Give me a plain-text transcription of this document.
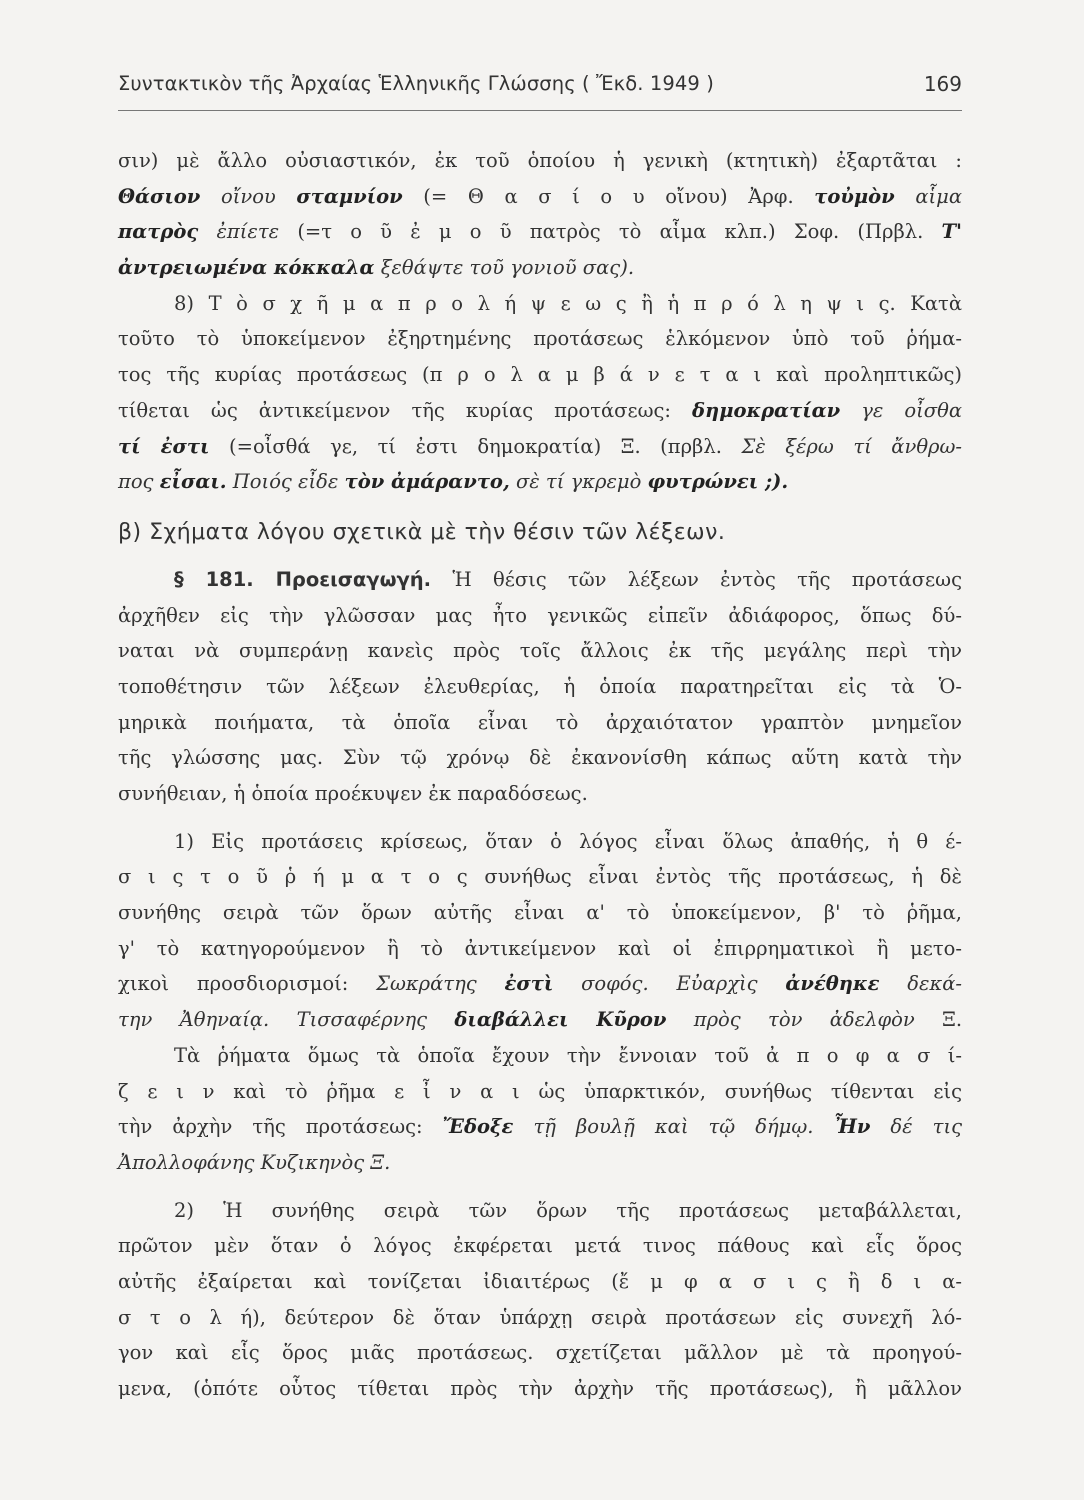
Συντακτικὸν τῆς Ἀρχαίας Ἑλληνικῆς Γλώσσης ( Ἔκδ. 1949 )	169
σιν) μὲ ἄλλο οὐσιαστικόν, ἐκ τοῦ ὁποίου ἡ γενικὴ (κτητικὴ) ἐξαρτᾶται :
Θάσιον οἴνου σταμνίον (= Θ α σ ί ο υ οἴνου) Ἀρφ. τοὐμὸν αἷμα
πατρὸς ἐπίετε (=τ ο ῦ ἐ μ ο ῦ πατρὸς τὸ αἷμα κλπ.) Σοφ. (Πρβλ. Τ'
ἀντρειωμένα κόκκαλα ξεθάψτε τοῦ γονιοῦ σας).
8) Τ ὸ σ χ ῆ μ α π ρ ο λ ή ψ ε ω ς ἢ ἡ π ρ ό λ η ψ ι ς. Κατὰ
τοῦτο τὸ ὑποκείμενον ἐξηρτημένης προτάσεως ἑλκόμενον ὑπὸ τοῦ ῥήμα-
τος τῆς κυρίας προτάσεως (π ρ ο λ α μ β ά ν ε τ α ι καὶ προληπτικῶς)
τίθεται ὡς ἀντικείμενον τῆς κυρίας προτάσεως: δημοκρατίαν γε οἶσθα
τί ἐστι (=οἶσθά γε, τί ἐστι δημοκρατία) Ξ. (πρβλ. Σὲ ξέρω τί ἄνθρω-
πος εἶσαι. Ποιός εἶδε τὸν ἀμάραντο, σὲ τί γκρεμὸ φυτρώνει ;).
β) Σχήματα λόγου σχετικὰ μὲ τὴν θέσιν τῶν λέξεων.
§ 181. Προεισαγωγή. Ἡ θέσις τῶν λέξεων ἐντὸς τῆς προτάσεως
ἀρχῆθεν εἰς τὴν γλῶσσαν μας ἦτο γενικῶς εἰπεῖν ἀδιάφορος, ὅπως δύ-
ναται νὰ συμπεράνῃ κανεὶς πρὸς τοῖς ἄλλοις ἐκ τῆς μεγάλης περὶ τὴν
τοποθέτησιν τῶν λέξεων ἐλευθερίας, ἡ ὁποία παρατηρεῖται εἰς τὰ Ὁ-
μηρικὰ ποιήματα, τὰ ὁποῖα εἶναι τὸ ἀρχαιότατον γραπτὸν μνημεῖον
τῆς γλώσσης μας. Σὺν τῷ χρόνῳ δὲ ἐκανονίσθη κάπως αὕτη κατὰ τὴν
συνήθειαν, ἡ ὁποία προέκυψεν ἐκ παραδόσεως.
1) Εἰς προτάσεις κρίσεως, ὅταν ὁ λόγος εἶναι ὅλως ἀπαθής, ἡ θ έ-
σ ι ς τ ο ῦ ῥ ή μ α τ ο ς συνήθως εἶναι ἐντὸς τῆς προτάσεως, ἡ δὲ
συνήθης σειρὰ τῶν ὅρων αὐτῆς εἶναι α' τὸ ὑποκείμενον, β' τὸ ῥῆμα,
γ' τὸ κατηγορούμενον ἢ τὸ ἀντικείμενον καὶ οἱ ἐπιρρηματικοὶ ἢ μετο-
χικοὶ προσδιορισμοί: Σωκράτης ἐστὶ σοφός. Εὐαρχὶς ἀνέθηκε δεκά-
την Ἀθηναίᾳ. Τισσαφέρνης διαβάλλει Κῦρον πρὸς τὸν ἀδελφὸν Ξ.
Τὰ ῥήματα ὅμως τὰ ὁποῖα ἔχουν τὴν ἔννοιαν τοῦ ἀ π ο φ α σ ί-
ζ ε ι ν καὶ τὸ ῥῆμα ε ἶ ν α ι ὡς ὑπαρκτικόν, συνήθως τίθενται εἰς
τὴν ἀρχὴν τῆς προτάσεως: Ἔδοξε τῇ βουλῇ καὶ τῷ δήμῳ. Ἦν δέ τις
Ἀπολλοφάνης Κυζικηνὸς Ξ.
2) Ἡ συνήθης σειρὰ τῶν ὅρων τῆς προτάσεως μεταβάλλεται,
πρῶτον μὲν ὅταν ὁ λόγος ἐκφέρεται μετά τινος πάθους καὶ εἷς ὅρος
αὐτῆς ἐξαίρεται καὶ τονίζεται ἰδιαιτέρως (ἔ μ φ α σ ι ς ἢ δ ι α-
σ τ ο λ ή), δεύτερον δὲ ὅταν ὑπάρχῃ σειρὰ προτάσεων εἰς συνεχῆ λό-
γον καὶ εἷς ὅρος μιᾶς προτάσεως. σχετίζεται μᾶλλον μὲ τὰ προηγού-
μενα, (ὁπότε οὗτος τίθεται πρὸς τὴν ἀρχὴν τῆς προτάσεως), ἢ μᾶλλον
